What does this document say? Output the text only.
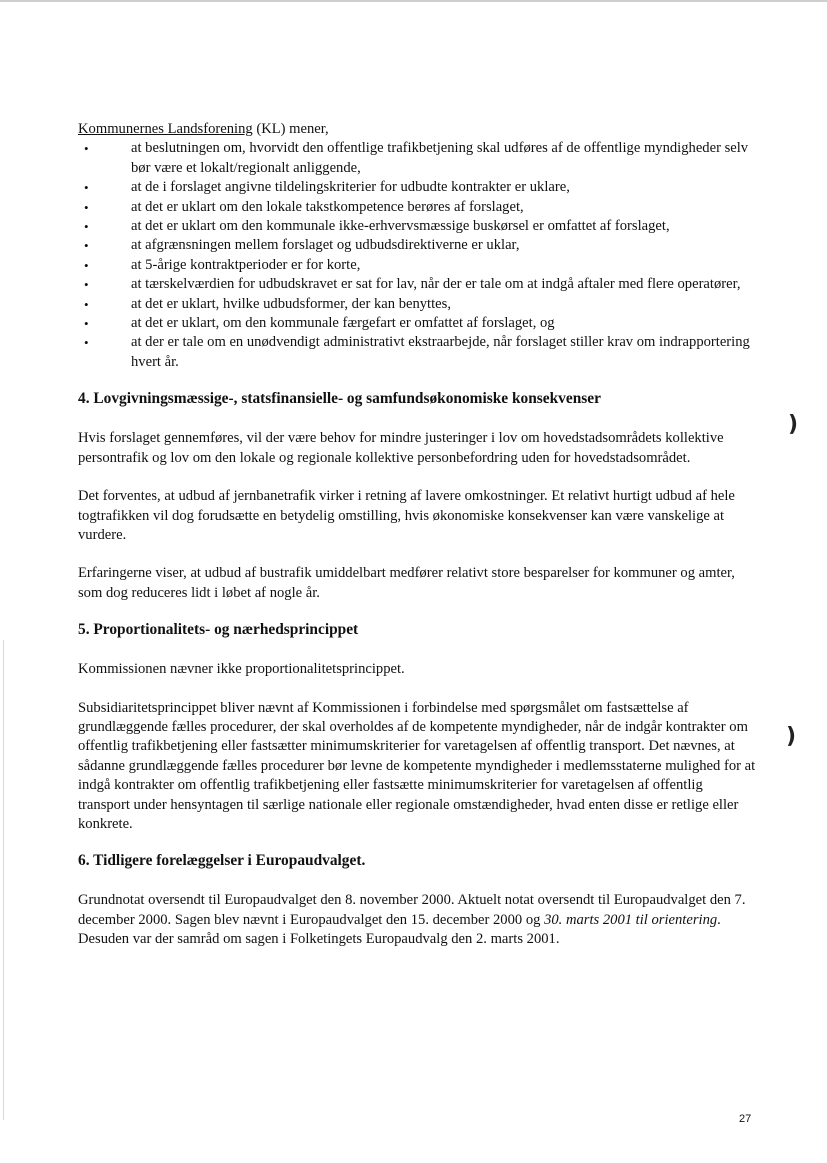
Kommunernes Landsforening (KL) mener,

•	at beslutningen om, hvorvidt den offentlige trafikbetjening skal udføres af de offentlige myndigheder selv bør være et lokalt/regionalt anliggende,
•	at de i forslaget angivne tildelingskriterier for udbudte kontrakter er uklare,
•	at det er uklart om den lokale takstkompetence berøres af forslaget,
•	at det er uklart om den kommunale ikke-erhvervsmæssige buskørsel er omfattet af forslaget,
•	at afgrænsningen mellem forslaget og udbudsdirektiverne er uklar,
•	at 5-årige kontraktperioder er for korte,
•	at tærskelværdien for udbudskravet er sat for lav, når der er tale om at indgå aftaler med flere operatører,
•	at det er uklart, hvilke udbudsformer, der kan benyttes,
•	at det er uklart, om den kommunale færgefart er omfattet af forslaget, og
•	at der er tale om en unødvendigt administrativt ekstraarbejde, når forslaget stiller krav om indrapportering hvert år.
4. Lovgivningsmæssige-, statsfinansielle- og samfundsøkonomiske konsekvenser

Hvis forslaget gennemføres, vil der være behov for mindre justeringer i lov om hovedstadsområdets kollektive persontrafik og lov om den lokale og regionale kollektive personbefordring uden for hovedstadsområdet.

Det forventes, at udbud af jernbanetrafik virker i retning af lavere omkostninger. Et relativt hurtigt udbud af hele togtrafikken vil dog forudsætte en betydelig omstilling, hvis økonomiske konsekvenser kan være vanskelige at vurdere.

Erfaringerne viser, at udbud af bustrafik umiddelbart medfører relativt store besparelser for kommuner og amter, som dog reduceres lidt i løbet af nogle år.

5. Proportionalitets- og nærhedsprincippet

Kommissionen nævner ikke proportionalitetsprincippet.

Subsidiaritetsprincippet bliver nævnt af Kommissionen i forbindelse med spørgsmålet om fastsættelse af grundlæggende fælles procedurer, der skal overholdes af de kompetente myndigheder, når de indgår kontrakter om offentlig trafikbetjening eller fastsætter minimumskriterier for varetagelsen af offentlig transport. Det nævnes, at sådanne grundlæggende fælles procedurer bør levne de kompetente myndigheder i medlemsstaterne mulighed for at indgå kontrakter om offentlig trafikbetjening eller fastsætte minimumskriterier for varetagelsen af offentlig transport under hensyntagen til særlige nationale eller regionale omstændigheder, hvad enten disse er retlige eller konkrete.

6. Tidligere forelæggelser i Europaudvalget.

Grundnotat oversendt til Europaudvalget den 8. november 2000. Aktuelt notat oversendt til Europaudvalget den 7. december 2000. Sagen blev nævnt i Europaudvalget den 15. december 2000 og 30. marts 2001 til orientering. Desuden var der samråd om sagen i Folketingets Europaudvalg den 2. marts 2001.

)
)
27
